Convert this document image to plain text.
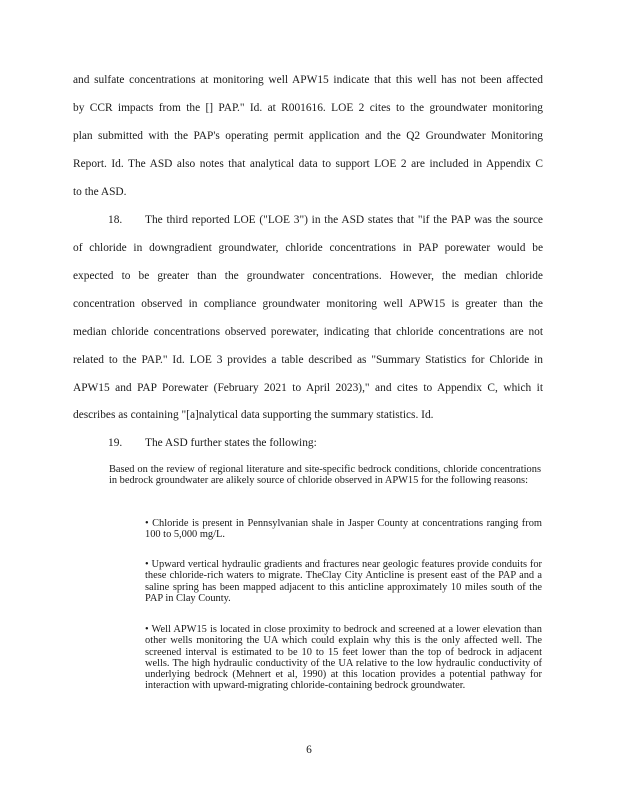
and sulfate concentrations at monitoring well APW15 indicate that this well has not been affected
by CCR impacts from the [] PAP." Id. at R001616. LOE 2 cites to the groundwater monitoring
plan submitted with the PAP's operating permit application and the Q2 Groundwater Monitoring
Report. Id. The ASD also notes that analytical data to support LOE 2 are included in Appendix C
to the ASD.
18. The third reported LOE ("LOE 3") in the ASD states that "if the PAP was the source
of chloride in downgradient groundwater, chloride concentrations in PAP porewater would be
expected to be greater than the groundwater concentrations. However, the median chloride
concentration observed in compliance groundwater monitoring well APW15 is greater than the
median chloride concentrations observed porewater, indicating that chloride concentrations are not
related to the PAP." Id. LOE 3 provides a table described as "Summary Statistics for Chloride in
APW15 and PAP Porewater (February 2021 to April 2023)," and cites to Appendix C, which it
describes as containing "[a]nalytical data supporting the summary statistics. Id.
19. The ASD further states the following:
Based on the review of regional literature and site-specific bedrock conditions, chloride concentrations in bedrock groundwater are alikely source of chloride observed in APW15 for the following reasons:
• Chloride is present in Pennsylvanian shale in Jasper County at concentrations ranging from 100 to 5,000 mg/L.
• Upward vertical hydraulic gradients and fractures near geologic features provide conduits for these chloride-rich waters to migrate. TheClay City Anticline is present east of the PAP and a saline spring has been mapped adjacent to this anticline approximately 10 miles south of the PAP in Clay County.
• Well APW15 is located in close proximity to bedrock and screened at a lower elevation than other wells monitoring the UA which could explain why this is the only affected well. The screened interval is estimated to be 10 to 15 feet lower than the top of bedrock in adjacent wells. The high hydraulic conductivity of the UA relative to the low hydraulic conductivity of underlying bedrock (Mehnert et al, 1990) at this location provides a potential pathway for interaction with upward-migrating chloride-containing bedrock groundwater.
6
